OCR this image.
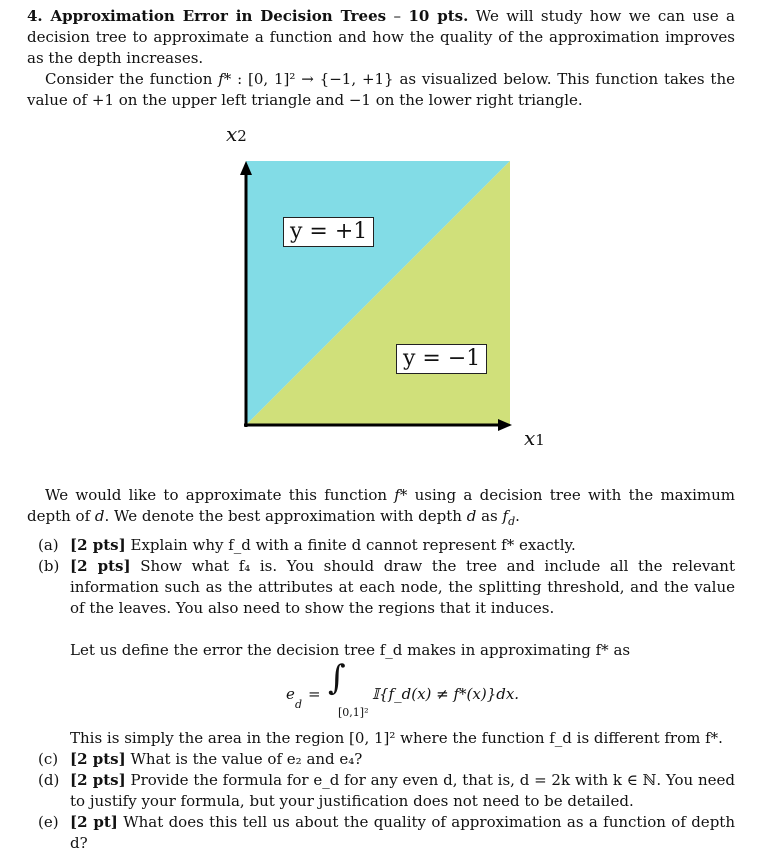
4. Approximation Error in Decision Trees – 10 pts. We will study how we can use a decision tree to approximate a function and how the quality of the approximation improves as the depth increases.
Consider the function f* : [0, 1]² → {−1, +1} as visualized below. This function takes the value of +1 on the upper left triangle and −1 on the lower right triangle.
x2
x1
y = +1
y = −1
We would like to approximate this function f* using a decision tree with the maximum depth of d. We denote the best approximation with depth d as $f_d$.
(a) [2 pts] Explain why f_d with a finite d cannot represent f* exactly.
(b) [2 pts] Show what f₄ is. You should draw the tree and include all the relevant information such as the attributes at each node, the splitting threshold, and the value of the leaves. You also need to show the regions that it induces.
Let us define the error the decision tree f_d makes in approximating f* as
e
d
= ∫
[0,1]²
𝕀{f_d(x) ≠ f*(x)}dx.
This is simply the area in the region [0, 1]² where the function f_d is different from f*.
(c) [2 pts] What is the value of e₂ and e₄?
(d) [2 pts] Provide the formula for e_d for any even d, that is, d = 2k with k ∈ ℕ. You need to justify your formula, but your justification does not need to be detailed.
(e) [2 pt] What does this tell us about the quality of approximation as a function of depth d?
